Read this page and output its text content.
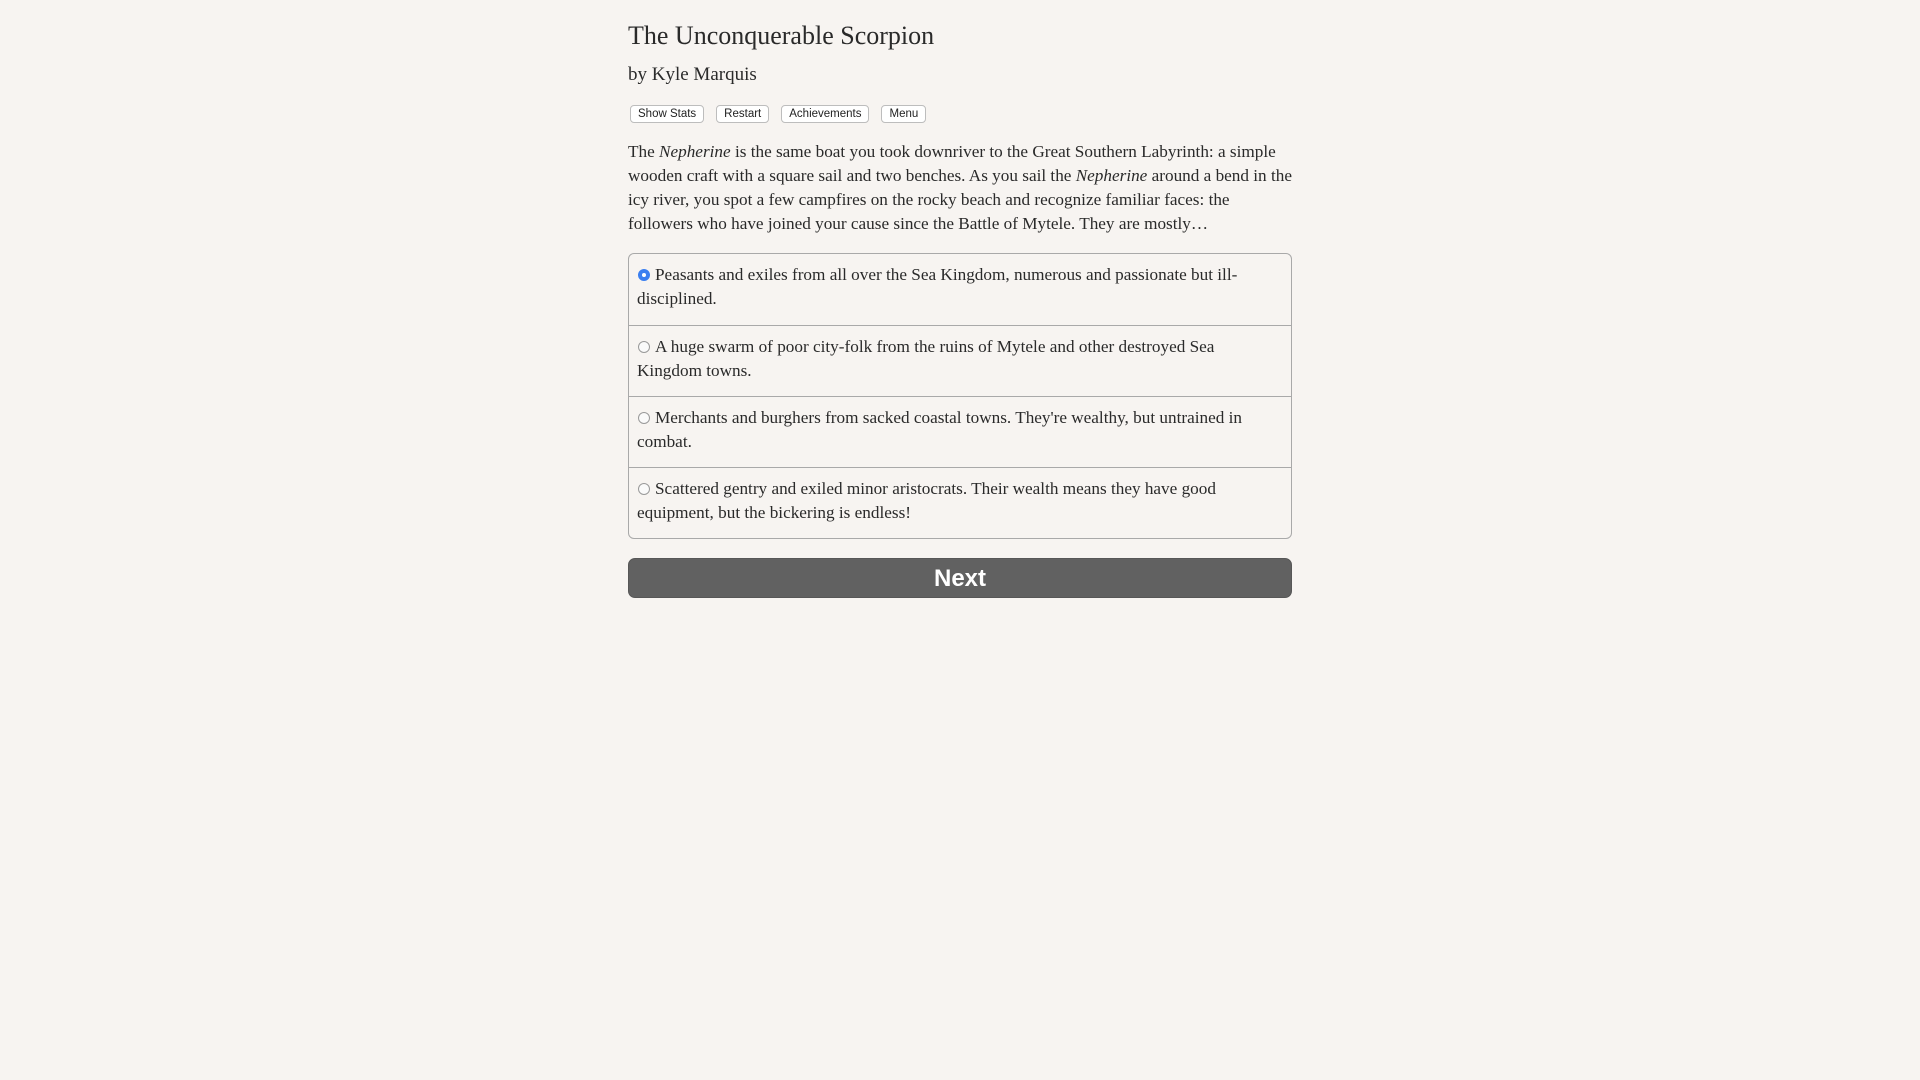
The Unconquerable Scorpion
by Kyle Marquis
Show Stats	Restart	Achievements	Menu

The Nepherine is the same boat you took downriver to the Great Southern Labyrinth: a simple wooden craft with a square sail and two benches. As you sail the Nepherine around a bend in the icy river, you spot a few campfires on the rocky beach and recognize familiar faces: the followers who have joined your cause since the Battle of Mytele. They are mostly…

Peasants and exiles from all over the Sea Kingdom, numerous and passionate but ill-disciplined.
A huge swarm of poor city-folk from the ruins of Mytele and other destroyed Sea Kingdom towns.
Merchants and burghers from sacked coastal towns. They're wealthy, but untrained in combat.
Scattered gentry and exiled minor aristocrats. Their wealth means they have good equipment, but the bickering is endless!
Next
